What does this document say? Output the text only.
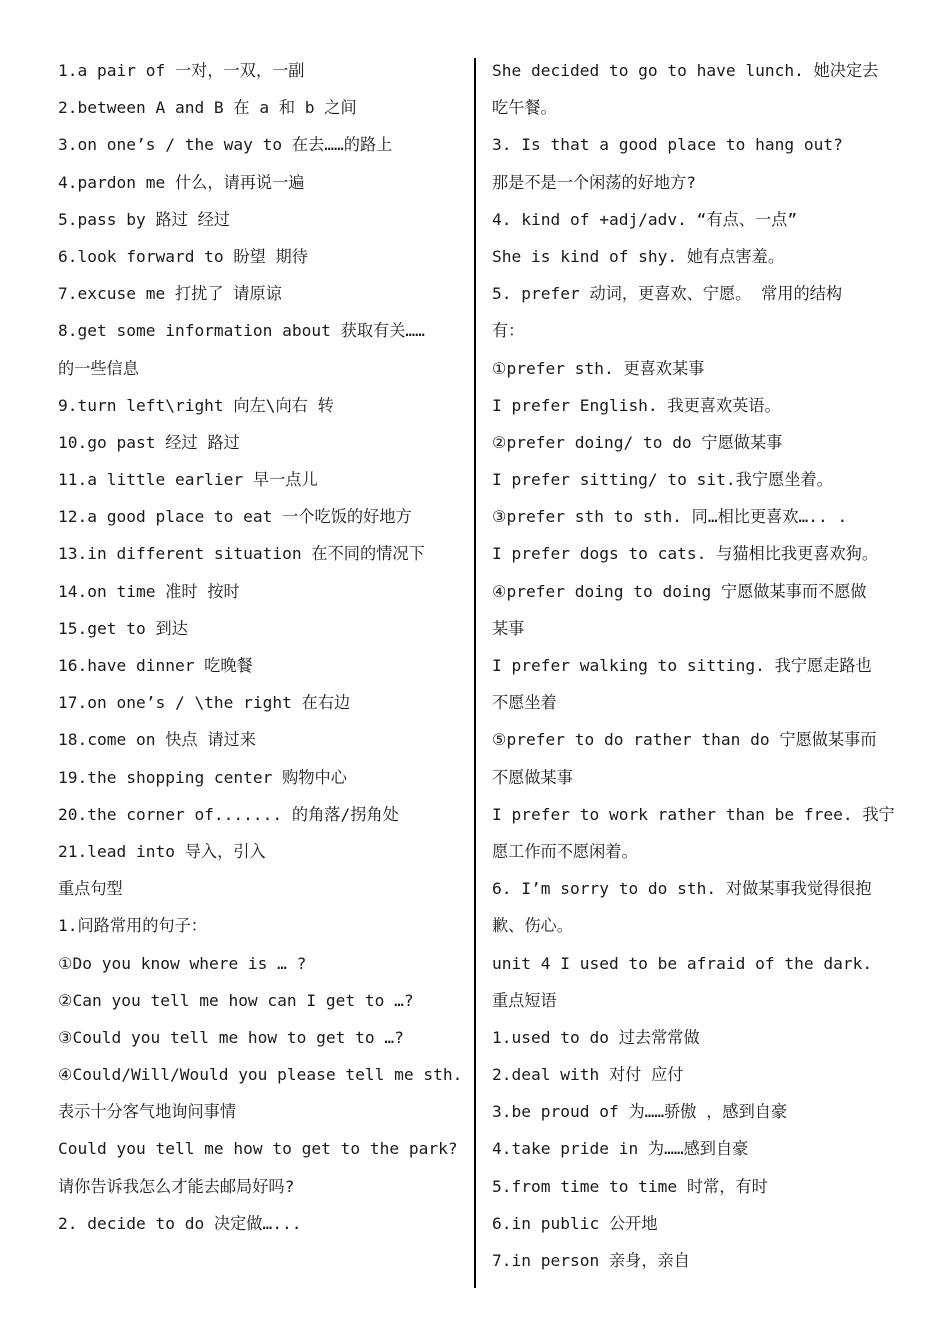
1.a pair of 一对，一双，一副
2.between A and B 在 a 和 b 之间
3.on one’s / the way to 在去……的路上
4.pardon me 什么，请再说一遍
5.pass by 路过 经过
6.look forward to 盼望 期待
7.excuse me 打扰了 请原谅
8.get some information about 获取有关……
的一些信息
9.turn left\right 向左\向右 转
10.go past 经过 路过
11.a little earlier 早一点儿
12.a good place to eat 一个吃饭的好地方
13.in different situation 在不同的情况下
14.on time 准时 按时
15.get to 到达
16.have dinner 吃晚餐
17.on one’s / \the right 在右边
18.come on 快点 请过来
19.the shopping center 购物中心
20.the corner of....... 的角落/拐角处
21.lead into 导入，引入
重点句型
1.问路常用的句子：
①Do you know where is … ?
②Can you tell me how can I get to …?
③Could you tell me how to get to …?
④Could/Will/Would you please tell me sth.
表示十分客气地询问事情
Could you tell me how to get to the park?
请你告诉我怎么才能去邮局好吗?
2. decide to do 决定做…...
She decided to go to have lunch. 她决定去
吃午餐。
3. Is that a good place to hang out?
那是不是一个闲荡的好地方?
4. kind of +adj/adv. “有点、一点”
She is kind of shy. 她有点害羞。
5. prefer 动词，更喜欢、宁愿。 常用的结构
有：
①prefer sth. 更喜欢某事
I prefer English. 我更喜欢英语。
②prefer doing/ to do 宁愿做某事
I prefer sitting/ to sit.我宁愿坐着。
③prefer sth to sth. 同…相比更喜欢….. .
I prefer dogs to cats. 与猫相比我更喜欢狗。
④prefer doing to doing 宁愿做某事而不愿做
某事
I prefer walking to sitting. 我宁愿走路也
不愿坐着
⑤prefer to do rather than do 宁愿做某事而
不愿做某事
I prefer to work rather than be free. 我宁
愿工作而不愿闲着。
6. I’m sorry to do sth. 对做某事我觉得很抱
歉、伤心。
unit 4 I used to be afraid of the dark.
重点短语
1.used to do 过去常常做
2.deal with 对付 应付
3.be proud of 为……骄傲 ，感到自豪
4.take pride in 为……感到自豪
5.from time to time 时常，有时
6.in public 公开地
7.in person 亲身，亲自
